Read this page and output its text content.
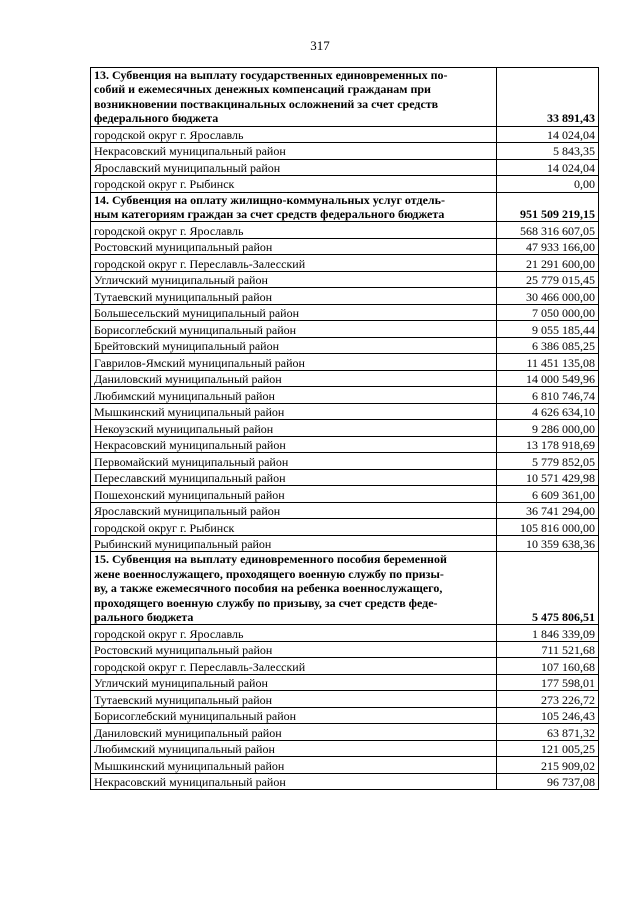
317
13. Субвенция на выплату государственных единовременных по-
собий и ежемесячных денежных компенсаций гражданам при
возникновении поствакцинальных осложнений за счет средств
федерального бюджета	33 891,43
городской округ г. Ярославль	14 024,04
Некрасовский муниципальный район	5 843,35
Ярославский муниципальный район	14 024,04
городской округ г. Рыбинск	0,00
14. Субвенция на оплату жилищно-коммунальных услуг отдель-
ным категориям граждан за счет средств федерального бюджета	951 509 219,15
городской округ г. Ярославль	568 316 607,05
Ростовский муниципальный район	47 933 166,00
городской округ г. Переславль-Залесский	21 291 600,00
Угличский муниципальный район	25 779 015,45
Тутаевский муниципальный район	30 466 000,00
Большесельский муниципальный район	7 050 000,00
Борисоглебский муниципальный район	9 055 185,44
Брейтовский муниципальный район	6 386 085,25
Гаврилов-Ямский муниципальный район	11 451 135,08
Даниловский муниципальный район	14 000 549,96
Любимский муниципальный район	6 810 746,74
Мышкинский муниципальный район	4 626 634,10
Некоузский муниципальный район	9 286 000,00
Некрасовский муниципальный район	13 178 918,69
Первомайский муниципальный район	5 779 852,05
Переславский муниципальный район	10 571 429,98
Пошехонский муниципальный район	6 609 361,00
Ярославский муниципальный район	36 741 294,00
городской округ г. Рыбинск	105 816 000,00
Рыбинский муниципальный район	10 359 638,36
15. Субвенция на выплату единовременного пособия беременной
жене военнослужащего, проходящего военную службу по призы-
ву, а также ежемесячного пособия на ребенка военнослужащего,
проходящего военную службу по призыву, за счет средств феде-
рального бюджета	5 475 806,51
городской округ г. Ярославль	1 846 339,09
Ростовский муниципальный район	711 521,68
городской округ г. Переславль-Залесский	107 160,68
Угличский муниципальный район	177 598,01
Тутаевский муниципальный район	273 226,72
Борисоглебский муниципальный район	105 246,43
Даниловский муниципальный район	63 871,32
Любимский муниципальный район	121 005,25
Мышкинский муниципальный район	215 909,02
Некрасовский муниципальный район	96 737,08
